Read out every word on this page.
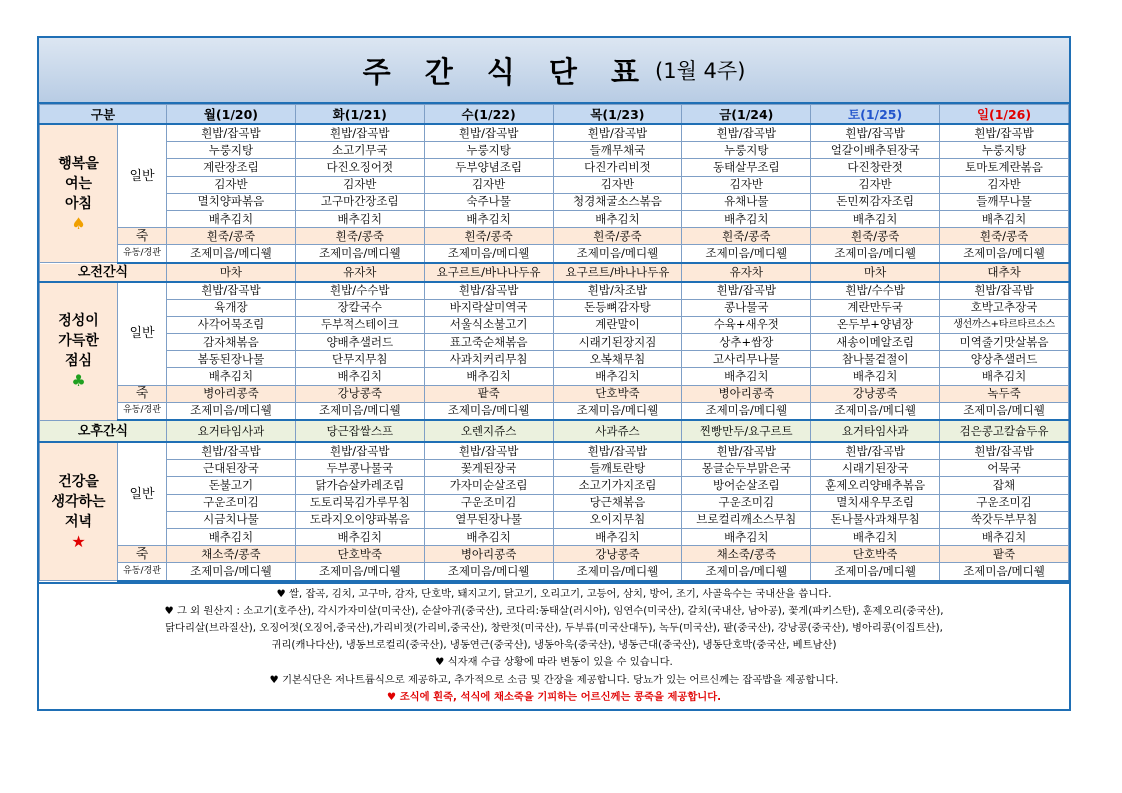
주 간 식 단 표 (1월 4주)
구분		월(1/20)	화(1/21)	수(1/22)	목(1/23)	금(1/24)	토(1/25)	일(1/26)

행복을
여는
아침
♠	일반	흰밥/잡곡밥	흰밥/잡곡밥	흰밥/잡곡밥	흰밥/잡곡밥	흰밥/잡곡밥	흰밥/잡곡밥	흰밥/잡곡밥
		누룽지탕	소고기무국	누룽지탕	들깨무채국	누룽지탕	얼갈이배추된장국	누룽지탕
		계란장조림	다진오징어젓	두부양념조림	다진가리비젓	동태살무조림	다진창란젓	토마토계란볶음
		김자반	김자반	김자반	김자반	김자반	김자반	김자반
		멸치양파볶음	고구마간장조림	숙주나물	청경채굴소스볶음	유채나물	돈민찌감자조림	들깨무나물
		배추김치	배추김치	배추김치	배추김치	배추김치	배추김치	배추김치
	죽	흰죽/콩죽	흰죽/콩죽	흰죽/콩죽	흰죽/콩죽	흰죽/콩죽	흰죽/콩죽	흰죽/콩죽
	유동/경관	조제미음/메디웰	조제미음/메디웰	조제미음/메디웰	조제미음/메디웰	조제미음/메디웰	조제미음/메디웰	조제미음/메디웰
오전간식		마차	유자차	요구르트/바나나두유	요구르트/바나나두유	유자차	마차	대추차

정성이
가득한
점심
♣	일반	흰밥/잡곡밥	흰밥/수수밥	흰밥/잡곡밥	흰밥/차조밥	흰밥/잡곡밥	흰밥/수수밥	흰밥/잡곡밥
		육개장	장칼국수	바지락살미역국	돈등뼈감자탕	콩나물국	계란만두국	호박고추장국
		사각어묵조림	두부적스테이크	서울식소불고기	계란말이	수육+새우젓	온두부+양념장	생선까스+타르타르소스
		감자채볶음	양배추샐러드	표고죽순채볶음	시래기된장지짐	상추+쌈장	새송이메알조림	미역줄기맛살볶음
		봄동된장나물	단무지무침	사과치커리무침	오복채무침	고사리무나물	참나물겉절이	양상추샐러드
		배추김치	배추김치	배추김치	배추김치	배추김치	배추김치	배추김치
	죽	병아리콩죽	강낭콩죽	팥죽	단호박죽	병아리콩죽	강낭콩죽	녹두죽
	유동/경관	조제미음/메디웰	조제미음/메디웰	조제미음/메디웰	조제미음/메디웰	조제미음/메디웰	조제미음/메디웰	조제미음/메디웰
오후간식		요거타임사과	당근잡쌀스프	오렌지쥬스	사과쥬스	찐빵만두/요구르트	요거타임사과	검은콩고칼슘두유

건강을
생각하는
저녁
★	일반	흰밥/잡곡밥	흰밥/잡곡밥	흰밥/잡곡밥	흰밥/잡곡밥	흰밥/잡곡밥	흰밥/잡곡밥	흰밥/잡곡밥
		근대된장국	두부콩나물국	꽃게된장국	들깨토란탕	몽글순두부맑은국	시래기된장국	어묵국
		돈불고기	닭가슴살카레조림	가자미순살조림	소고기가지조림	방어순살조림	훈제오리양배추볶음	잡채
		구운조미김	도토리묵김가루무침	구운조미김	당근채볶음	구운조미김	멸치새우무조림	구운조미김
		시금치나물	도라지오이양파볶음	열무된장나물	오이지무침	브로컬리깨소스무침	돈나물사과채무침	쑥갓두부무침
		배추김치	배추김치	배추김치	배추김치	배추김치	배추김치	배추김치
	죽	채소죽/콩죽	단호박죽	병아리콩죽	강낭콩죽	채소죽/콩죽	단호박죽	팥죽
	유동/경관	조제미음/메디웰	조제미음/메디웰	조제미음/메디웰	조제미음/메디웰	조제미음/메디웰	조제미음/메디웰	조제미음/메디웰
♥ 쌀, 잡곡, 김치, 고구마, 감자, 단호박, 돼지고기, 닭고기, 오리고기, 고등어, 삼치, 방어, 조기, 사골육수는 국내산을 씁니다.
♥ 그 외 원산지 : 소고기(호주산), 각시가자미살(미국산), 순살아귀(중국산), 코다리:동태살(러시아), 임연수(미국산), 갈치(국내산, 남아공), 꽃게(파키스탄), 훈제오리(중국산),
닭다리살(브라질산), 오징어젓(오징어,중국산),가리비젓(가리비,중국산), 창란젓(미국산), 두부류(미국산대두), 녹두(미국산), 팥(중국산), 강낭콩(중국산), 병아리콩(이집트산),
귀리(캐나다산), 냉동브로컬리(중국산), 냉동연근(중국산), 냉동아욱(중국산), 냉동근대(중국산), 냉동단호박(중국산, 베트남산)
♥ 식자재 수급 상황에 따라 변동이 있을 수 있습니다.
♥ 기본식단은 저나트륨식으로 제공하고, 추가적으로 소금 및 간장을 제공합니다. 당뇨가 있는 어르신께는 잡곡밥을 제공합니다.
♥ 조식에 흰죽, 석식에 채소죽을 기피하는 어르신께는 콩죽을 제공합니다.
